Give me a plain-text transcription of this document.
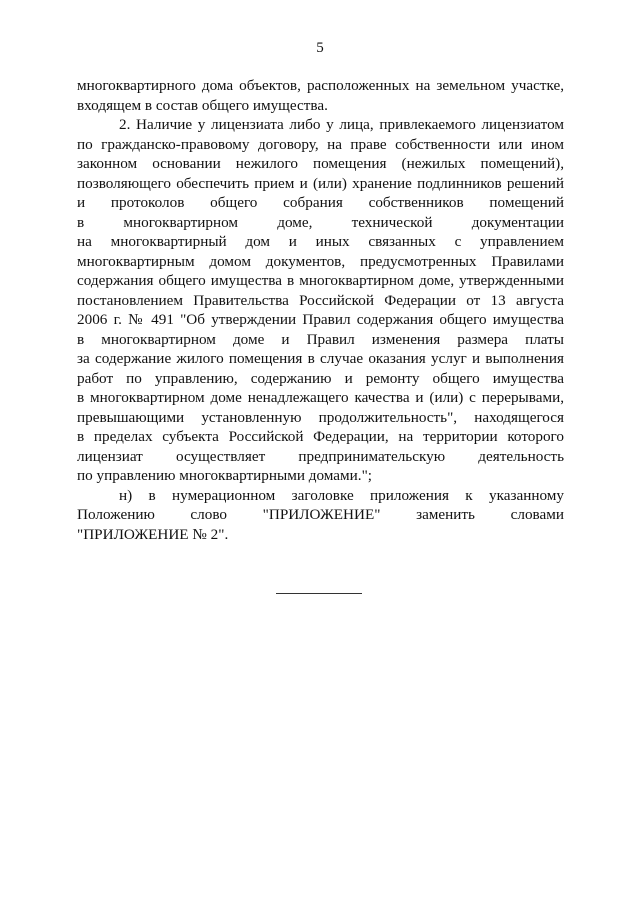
5

многоквартирного дома объектов, расположенных на земельном участке,
входящем в состав общего имущества.

2. Наличие у лицензиата либо у лица, привлекаемого лицензиатом
по гражданско-правовому договору, на праве собственности или ином
законном основании нежилого помещения (нежилых помещений),
позволяющего обеспечить прием и (или) хранение подлинников решений
и протоколов общего собрания собственников помещений
в многоквартирном доме, технической документации
на многоквартирный дом и иных связанных с управлением
многоквартирным домом документов, предусмотренных Правилами
содержания общего имущества в многоквартирном доме, утвержденными
постановлением Правительства Российской Федерации от 13 августа
2006 г. № 491 "Об утверждении Правил содержания общего имущества
в многоквартирном доме и Правил изменения размера платы
за содержание жилого помещения в случае оказания услуг и выполнения
работ по управлению, содержанию и ремонту общего имущества
в многоквартирном доме ненадлежащего качества и (или) с перерывами,
превышающими установленную продолжительность", находящегося
в пределах субъекта Российской Федерации, на территории которого
лицензиат осуществляет предпринимательскую деятельность
по управлению многоквартирными домами.";

н) в нумерационном заголовке приложения к указанному
Положению слово "ПРИЛОЖЕНИЕ" заменить словами
"ПРИЛОЖЕНИЕ № 2".
